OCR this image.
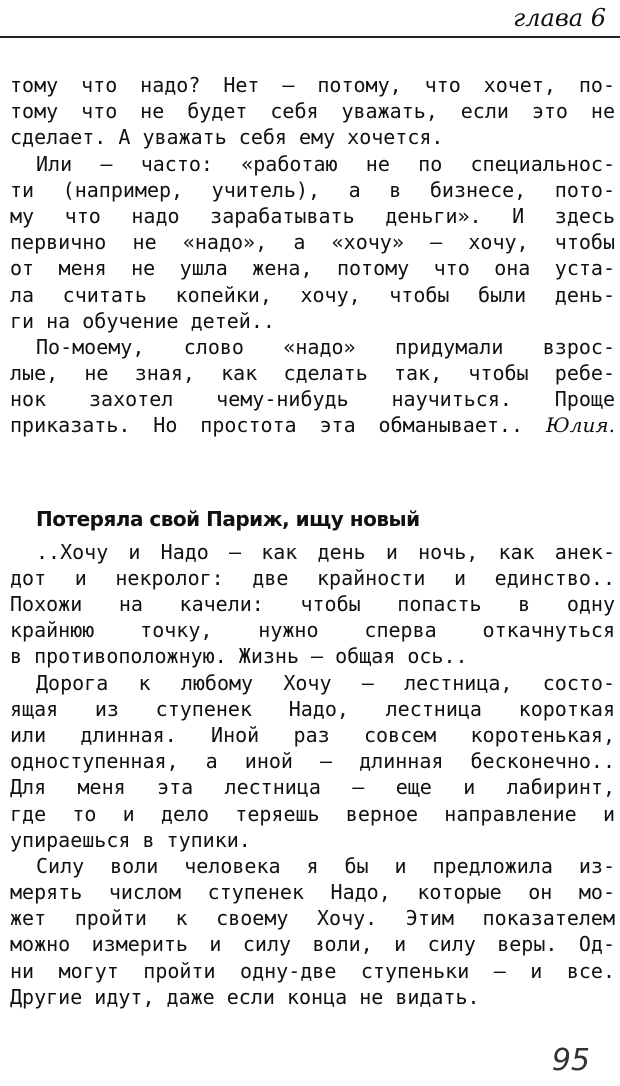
глава 6
тому что надо? Нет — потому, что хочет, по-
тому что не будет себя уважать, если это не
сделает. А уважать себя ему хочется.
Или — часто: «работаю не по специальнос-
ти (например, учитель), а в бизнесе, пото-
му что надо зарабатывать деньги». И здесь
первично не «надо», а «хочу» — хочу, чтобы
от меня не ушла жена, потому что она уста-
ла считать копейки, хочу, чтобы были день-
ги на обучение детей..
По-моему, слово «надо» придумали взрос-
лые, не зная, как сделать так, чтобы ребе-
нок захотел чему-нибудь научиться. Проще
приказать. Но простота эта обманывает.. Юлия.
Потеряла свой Париж, ищу новый
..Хочу и Надо — как день и ночь, как анек-
дот и некролог: две крайности и единство..
Похожи на качели: чтобы попасть в одну
крайнюю точку, нужно сперва откачнуться
в противоположную. Жизнь — общая ось..
Дорога к любому Хочу — лестница, состо-
ящая из ступенек Надо, лестница короткая
или длинная. Иной раз совсем коротенькая,
одноступенная, а иной — длинная бесконечно..
Для меня эта лестница — еще и лабиринт,
где то и дело теряешь верное направление и
упираешься в тупики.
Силу воли человека я бы и предложила из-
мерять числом ступенек Надо, которые он мо-
жет пройти к своему Хочу. Этим показателем
можно измерить и силу воли, и силу веры. Од-
ни могут пройти одну-две ступеньки — и все.
Другие идут, даже если конца не видать.
95
